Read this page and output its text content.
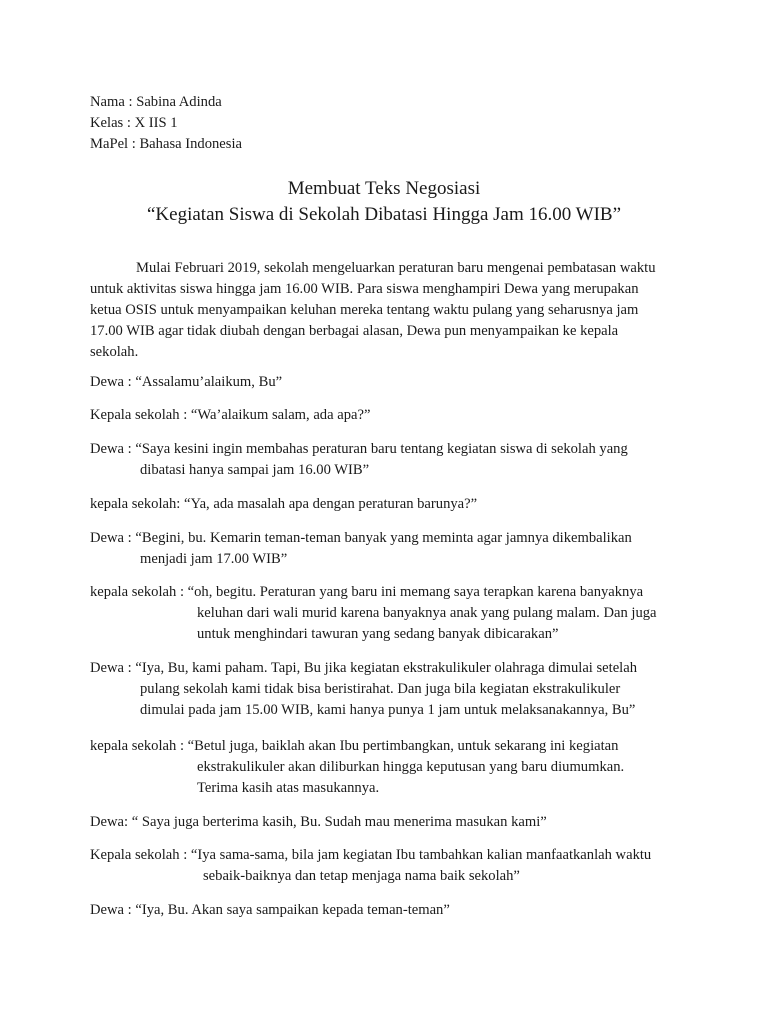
Nama : Sabina Adinda
Kelas : X IIS 1
MaPel : Bahasa Indonesia
Membuat Teks Negosiasi
“Kegiatan Siswa di Sekolah Dibatasi Hingga Jam 16.00 WIB”
Mulai Februari 2019, sekolah mengeluarkan peraturan baru mengenai pembatasan waktu
untuk aktivitas siswa hingga jam 16.00 WIB. Para siswa menghampiri Dewa yang merupakan
ketua OSIS untuk menyampaikan keluhan mereka tentang waktu pulang yang seharusnya jam
17.00 WIB agar tidak diubah dengan berbagai alasan, Dewa pun menyampaikan ke kepala
sekolah.
Dewa : “Assalamu’alaikum, Bu”
Kepala sekolah : “Wa’alaikum salam, ada apa?”
Dewa : “Saya kesini ingin membahas peraturan baru tentang kegiatan siswa di sekolah yang
dibatasi hanya sampai jam 16.00 WIB”
kepala sekolah: “Ya, ada masalah apa dengan peraturan barunya?”
Dewa : “Begini, bu. Kemarin teman-teman banyak yang meminta agar jamnya dikembalikan
menjadi jam 17.00 WIB”
kepala sekolah : “oh, begitu. Peraturan yang baru ini memang saya terapkan karena banyaknya
keluhan dari wali murid karena banyaknya anak yang pulang malam. Dan juga
untuk menghindari tawuran yang sedang banyak dibicarakan”
Dewa : “Iya, Bu, kami paham. Tapi, Bu jika kegiatan ekstrakulikuler olahraga dimulai setelah
pulang sekolah kami tidak bisa beristirahat. Dan juga bila kegiatan ekstrakulikuler
dimulai pada jam 15.00 WIB, kami hanya punya 1 jam untuk melaksanakannya, Bu”
kepala sekolah : “Betul juga, baiklah akan Ibu pertimbangkan, untuk sekarang ini kegiatan
ekstrakulikuler akan diliburkan hingga keputusan yang baru diumumkan.
Terima kasih atas masukannya.
Dewa: “ Saya juga berterima kasih, Bu. Sudah mau menerima masukan kami”
Kepala sekolah : “Iya sama-sama, bila jam kegiatan Ibu tambahkan kalian manfaatkanlah waktu
sebaik-baiknya dan tetap menjaga nama baik sekolah”
Dewa : “Iya, Bu. Akan saya sampaikan kepada teman-teman”
